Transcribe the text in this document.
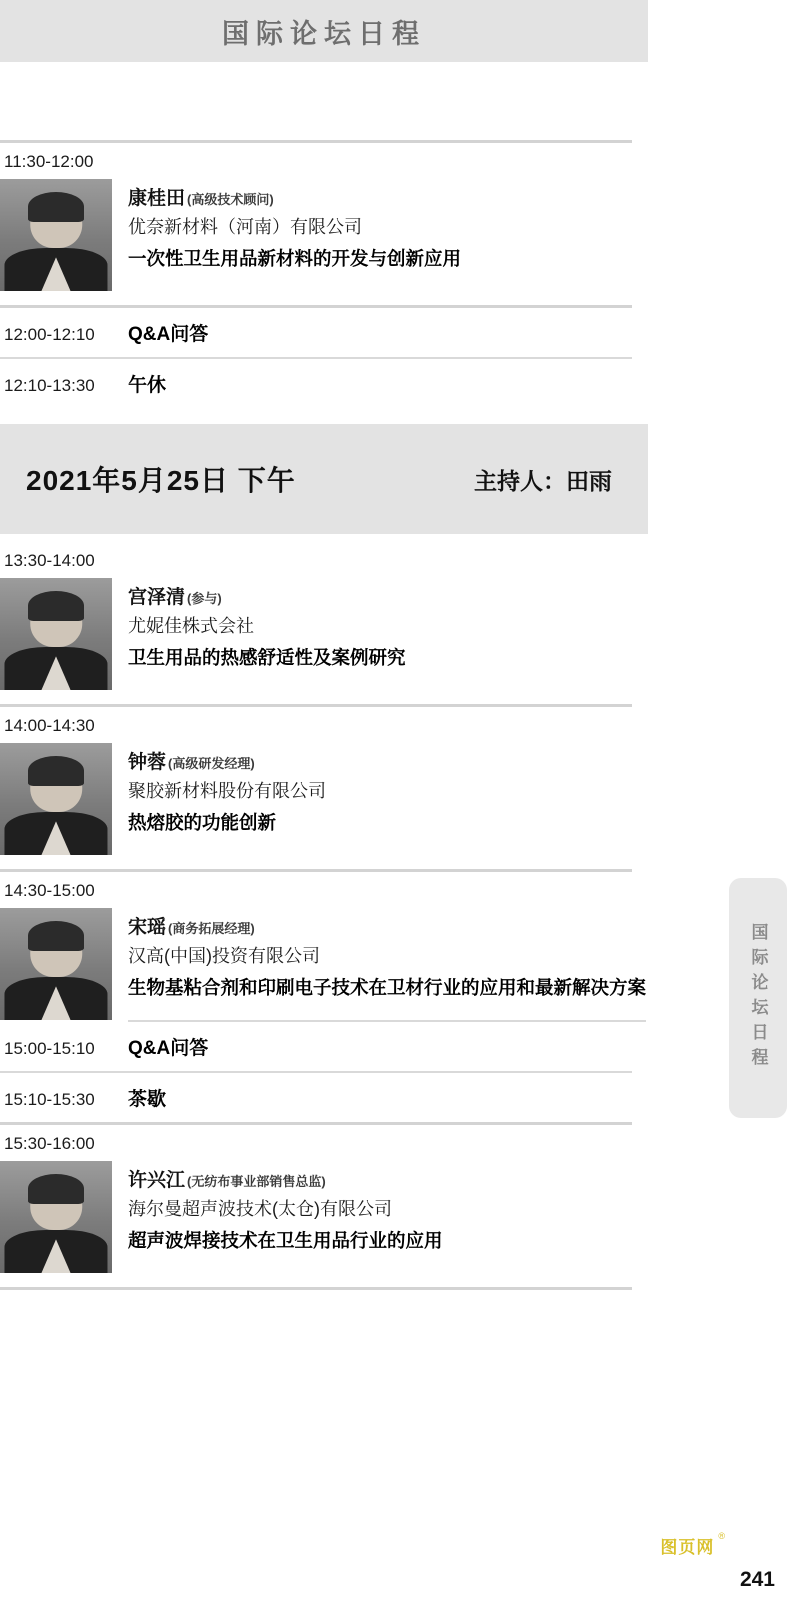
国际论坛日程
11:30-12:00
康桂田 (高级技术顾问)
优奈新材料（河南）有限公司
一次性卫生用品新材料的开发与创新应用
12:00-12:10	Q&A问答
12:10-13:30	午休
2021年5月25日 下午	主持人：田雨
13:30-14:00
宫泽清 (参与)
尤妮佳株式会社
卫生用品的热感舒适性及案例研究
14:00-14:30
钟蓉 (高级研发经理)
聚胶新材料股份有限公司
热熔胶的功能创新
14:30-15:00
宋瑶 (商务拓展经理)
汉高(中国)投资有限公司
生物基粘合剂和印刷电子技术在卫材行业的应用和最新解决方案
15:00-15:10	Q&A问答
15:10-15:30	茶歇
15:30-16:00
许兴江 (无纺布事业部销售总监)
海尔曼超声波技术(太仓)有限公司
超声波焊接技术在卫生用品行业的应用
国际论坛日程
图页网
®
241
